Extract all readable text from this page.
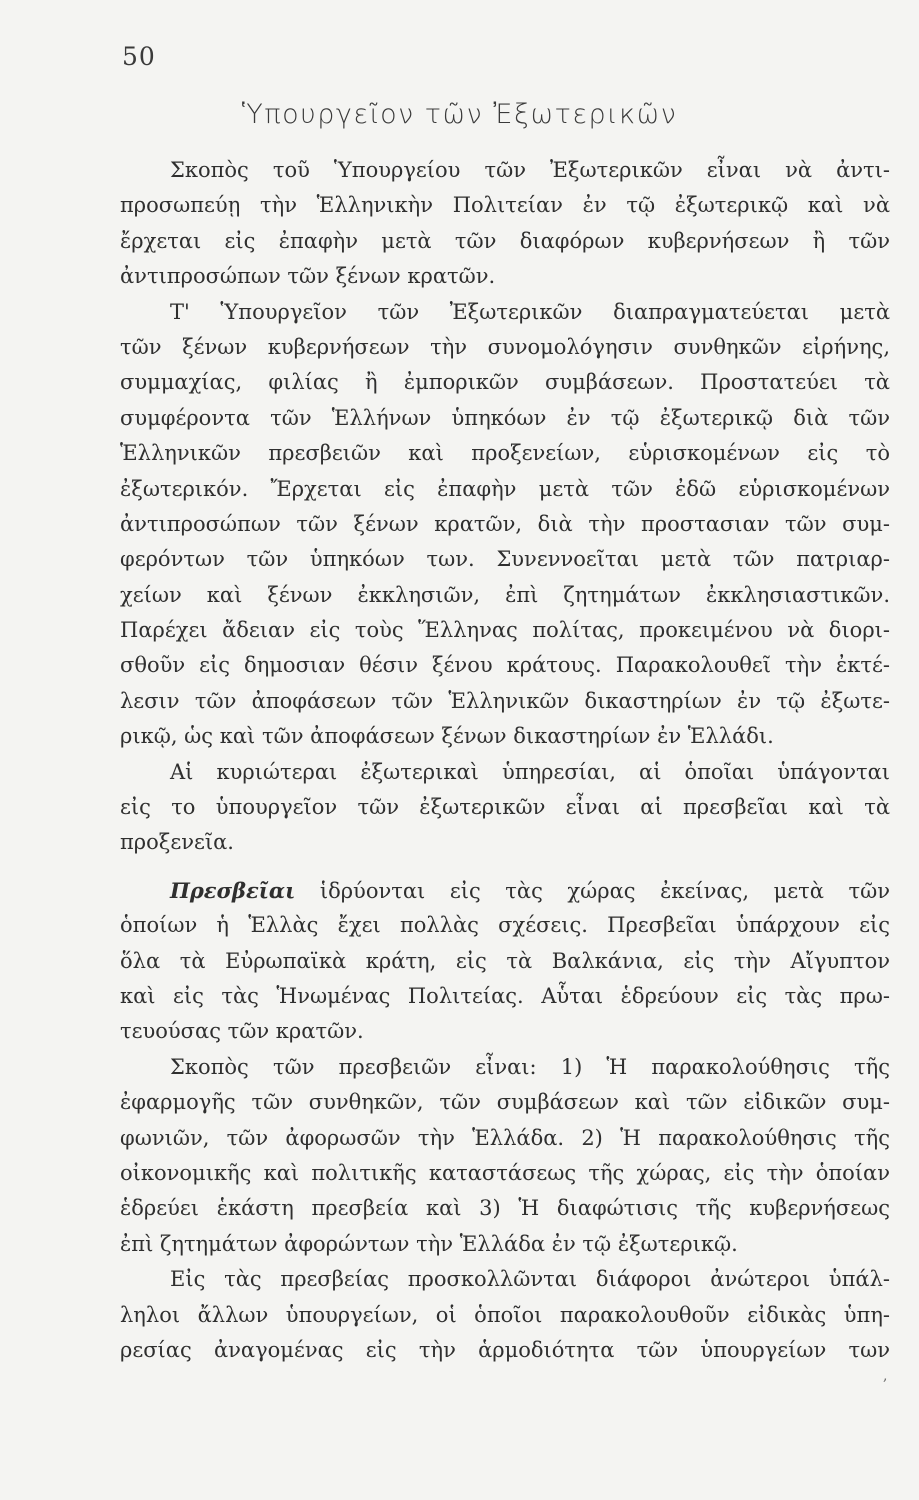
50
Ὑπουργεῖον τῶν Ἐξωτερικῶν
Σκοπὸς τοῦ Ὑπουργείου τῶν Ἐξωτερικῶν εἶναι νὰ ἀντι-
προσωπεύῃ τὴν Ἑλληνικὴν Πολιτείαν ἐν τῷ ἐξωτερικῷ καὶ νὰ
ἔρχεται εἰς ἐπαφὴν μετὰ τῶν διαφόρων κυβερνήσεων ἢ τῶν
ἀντιπροσώπων τῶν ξένων κρατῶν.
Τ' Ὑπουργεῖον τῶν Ἐξωτερικῶν διαπραγματεύεται μετὰ
τῶν ξένων κυβερνήσεων τὴν συνομολόγησιν συνθηκῶν εἰρήνης,
συμμαχίας, φιλίας ἢ ἐμπορικῶν συμβάσεων. Προστατεύει τὰ
συμφέροντα τῶν Ἑλλήνων ὑπηκόων ἐν τῷ ἐξωτερικῷ διὰ τῶν
Ἑλληνικῶν πρεσβειῶν καὶ προξενείων, εὑρισκομένων εἰς τὸ
ἐξωτερικόν. Ἔρχεται εἰς ἐπαφὴν μετὰ τῶν ἐδῶ εὑρισκομένων
ἀντιπροσώπων τῶν ξένων κρατῶν, διὰ τὴν προστασιαν τῶν συμ-
φερόντων τῶν ὑπηκόων των. Συνεννοεῖται μετὰ τῶν πατριαρ-
χείων καὶ ξένων ἐκκλησιῶν, ἐπὶ ζητημάτων ἐκκλησιαστικῶν.
Παρέχει ἄδειαν εἰς τοὺς Ἕλληνας πολίτας, προκειμένου νὰ διορι-
σθοῦν εἰς δημοσιαν θέσιν ξένου κράτους. Παρακολουθεῖ τὴν ἐκτέ-
λεσιν τῶν ἀποφάσεων τῶν Ἑλληνικῶν δικαστηρίων ἐν τῷ ἐξωτε-
ρικῷ, ὡς καὶ τῶν ἀποφάσεων ξένων δικαστηρίων ἐν Ἑλλάδι.
Αἱ κυριώτεραι ἐξωτερικαὶ ὑπηρεσίαι, αἱ ὁποῖαι ὑπάγονται
εἰς το ὑπουργεῖον τῶν ἐξωτερικῶν εἶναι αἱ πρεσβεῖαι καὶ τὰ
προξενεῖα.
Πρεσβεῖαι ἱδρύονται εἰς τὰς χώρας ἐκείνας, μετὰ τῶν
ὁποίων ἡ Ἑλλὰς ἔχει πολλὰς σχέσεις. Πρεσβεῖαι ὑπάρχουν εἰς
ὅλα τὰ Εὐρωπαϊκὰ κράτη, εἰς τὰ Βαλκάνια, εἰς τὴν Αἴγυπτον
καὶ εἰς τὰς Ἡνωμένας Πολιτείας. Αὗται ἑδρεύουν εἰς τὰς πρω-
τευούσας τῶν κρατῶν.
Σκοπὸς τῶν πρεσβειῶν εἶναι: 1) Ἡ παρακολούθησις τῆς
ἐφαρμογῆς τῶν συνθηκῶν, τῶν συμβάσεων καὶ τῶν εἰδικῶν συμ-
φωνιῶν, τῶν ἀφορωσῶν τὴν Ἑλλάδα. 2) Ἡ παρακολούθησις τῆς
οἰκονομικῆς καὶ πολιτικῆς καταστάσεως τῆς χώρας, εἰς τὴν ὁποίαν
ἑδρεύει ἑκάστη πρεσβεία καὶ 3) Ἡ διαφώτισις τῆς κυβερνήσεως
ἐπὶ ζητημάτων ἀφορώντων τὴν Ἑλλάδα ἐν τῷ ἐξωτερικῷ.
Εἰς τὰς πρεσβείας προσκολλῶνται διάφοροι ἀνώτεροι ὑπάλ-
ληλοι ἄλλων ὑπουργείων, οἱ ὁποῖοι παρακολουθοῦν εἰδικὰς ὑπη-
ρεσίας ἀναγομένας εἰς τὴν ἁρμοδιότητα τῶν ὑπουργείων των
,
